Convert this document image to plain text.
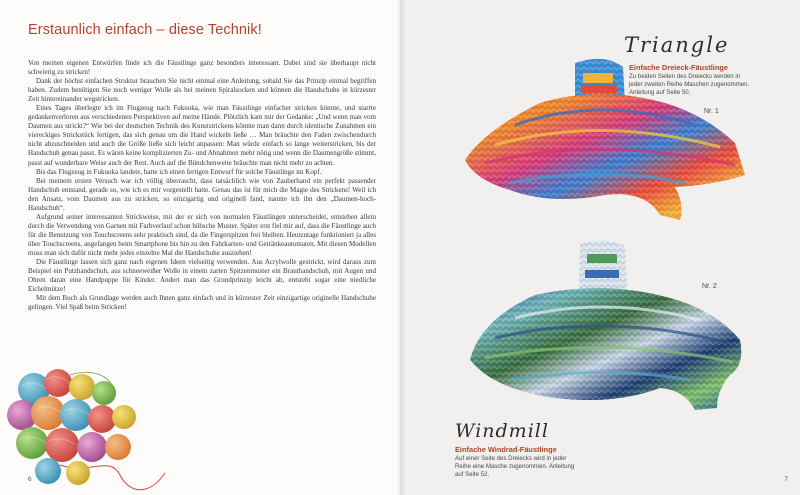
Erstaunlich einfach – diese Technik!

Von meinen eigenen Entwürfen finde ich die Fäustlinge ganz besonders interessant. Dabei sind sie überhaupt nicht schwierig zu stricken!

Dank der höchst einfachen Struktur brauchen Sie nicht einmal eine Anleitung, sobald Sie das Prinzip einmal begriffen haben. Zudem benötigen Sie noch weniger Wolle als bei meinen Spiralsocken und können die Handschuhe in kürzester Zeit hintereinander wegstricken.

Eines Tages überlegte ich im Flugzeug nach Fukuoka, wie man Fäustlinge einfacher stricken könnte, und starrte gedankenverloren aus verschiedenen Perspektiven auf meine Hände. Plötzlich kam mir der Gedanke: „Und wenn man vom Daumen aus strickt?“ Wie bei der deutschen Technik des Kunststrickens könnte man dann durch identische Zunahmen ein viereckiges Strickstück fertigen, das sich genau um die Hand wickeln ließe … Man bräuchte den Faden zwischendurch nicht abzuschneiden und auch die Größe ließe sich leicht anpassen: Man würde einfach so lange weiterstricken, bis der Handschuh genau passt. Es wären keine komplizierten Zu- und Abnahmen mehr nötig und wenn die Daumengröße stimmt, passt auf wunderbare Weise auch der Rest. Auch auf die Bündchenweite bräuchte man nicht mehr zu achten.

Bis das Flugzeug in Fukuoka landete, hatte ich einen fertigen Entwurf für solche Fäustlinge im Kopf.

Bei meinem ersten Versuch war ich völlig überrascht, dass tatsächlich wie von Zauberhand ein perfekt passender Handschuh entstand, gerade so, wie ich es mir vorgestellt hatte. Genau das ist für mich die Magie des Strickens! Weil ich den Ansatz, vom Daumen aus zu stricken, so einzigartig und originell fand, nannte ich ihn den „Daumen-hoch-Handschuh“.

Aufgrund seiner interessanten Strickweise, mit der er sich von normalen Fäustlingen unterscheidet, entstehen allein durch die Verwendung von Garnen mit Farbverlauf schon hübsche Muster. Später erst fiel mir auf, dass die Fäustlinge auch für die Benutzung von Touchscreens sehr praktisch sind, da die Fingerspitzen frei bleiben. Heutzutage funktioniert ja alles über Touchscreens, angefangen beim Smartphone bis hin zu den Fahrkarten- und Getränkeautomaten. Mit diesen Modellen muss man sich dafür nicht mehr jedes einzelne Mal die Handschuhe ausziehen!

Die Fäustlinge lassen sich ganz nach eigenen Ideen vielseitig verwenden. Aus Acrylwolle gestrickt, wird daraus zum Beispiel ein Putzhandschuh, aus schneeweißer Wolle in einem zarten Spitzenmuster ein Brauthandschuh, mit Augen und Ohren daran eine Handpuppe für Kinder. Ändert man das Grundprinzip leicht ab, entsteht sogar eine niedliche Eichelmütze!

Mit dem Buch als Grundlage werden auch Ihnen ganz einfach und in kürzester Zeit einzigartige originelle Handschuhe gelingen. Viel Spaß beim Stricken!

6
Triangle
Einfache Dreieck-Fäustlinge
Zu beiden Seiten des Dreiecks werden in jeder zweiten Reihe Maschen zugenommen. Anleitung auf Seite 50.
Nr. 1
Nr. 2
Windmill
Einfache Windrad-Fäustlinge
Auf einer Seite des Dreiecks wird in jeder Reihe eine Masche zugenommen. Anleitung auf Seite 52.
7
